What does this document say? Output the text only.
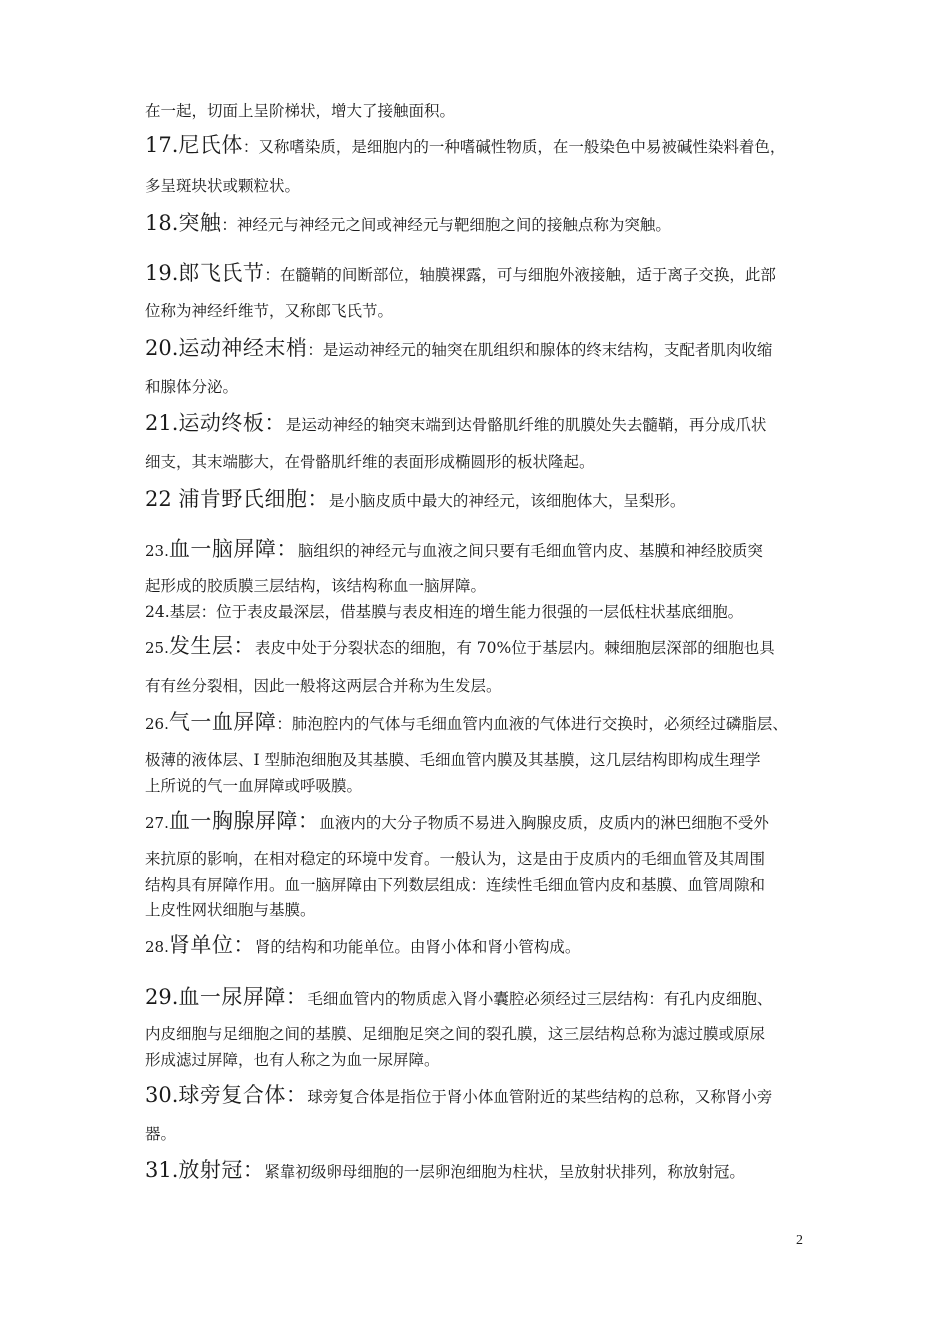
在一起，切面上呈阶梯状，增大了接触面积。
17.尼氏体：又称嗜染质，是细胞内的一种嗜碱性物质，在一般染色中易被碱性染料着色，
多呈斑块状或颗粒状。
18.突触：神经元与神经元之间或神经元与靶细胞之间的接触点称为突触。
19.郎飞氏节：在髓鞘的间断部位，轴膜裸露，可与细胞外液接触，适于离子交换，此部
位称为神经纤维节，又称郎飞氏节。
20.运动神经末梢：是运动神经元的轴突在肌组织和腺体的终末结构，支配者肌肉收缩
和腺体分泌。
21.运动终板：是运动神经的轴突末端到达骨骼肌纤维的肌膜处失去髓鞘，再分成爪状
细支，其末端膨大，在骨骼肌纤维的表面形成椭圆形的板状隆起。
22 浦肯野氏细胞：是小脑皮质中最大的神经元，该细胞体大，呈梨形。
23.血一脑屏障：脑组织的神经元与血液之间只要有毛细血管内皮、基膜和神经胶质突
起形成的胶质膜三层结构，该结构称血一脑屏障。
24.基层：位于表皮最深层，借基膜与表皮相连的增生能力很强的一层低柱状基底细胞。
25.发生层：表皮中处于分裂状态的细胞，有 70%位于基层内。棘细胞层深部的细胞也具
有有丝分裂相，因此一般将这两层合并称为生发层。
26.气一血屏障：肺泡腔内的气体与毛细血管内血液的气体进行交换时，必须经过磷脂层、
极薄的液体层、I 型肺泡细胞及其基膜、毛细血管内膜及其基膜，这几层结构即构成生理学
上所说的气一血屏障或呼吸膜。
27.血一胸腺屏障：血液内的大分子物质不易进入胸腺皮质，皮质内的淋巴细胞不受外
来抗原的影响，在相对稳定的环境中发育。一般认为，这是由于皮质内的毛细血管及其周围
结构具有屏障作用。血一脑屏障由下列数层组成：连续性毛细血管内皮和基膜、血管周隙和
上皮性网状细胞与基膜。
28.肾单位：肾的结构和功能单位。由肾小体和肾小管构成。
29.血一尿屏障：毛细血管内的物质虑入肾小囊腔必须经过三层结构：有孔内皮细胞、
内皮细胞与足细胞之间的基膜、足细胞足突之间的裂孔膜，这三层结构总称为滤过膜或原尿
形成滤过屏障，也有人称之为血一尿屏障。
30.球旁复合体：球旁复合体是指位于肾小体血管附近的某些结构的总称，又称肾小旁
器。
31.放射冠：紧靠初级卵母细胞的一层卵泡细胞为柱状，呈放射状排列，称放射冠。
2
